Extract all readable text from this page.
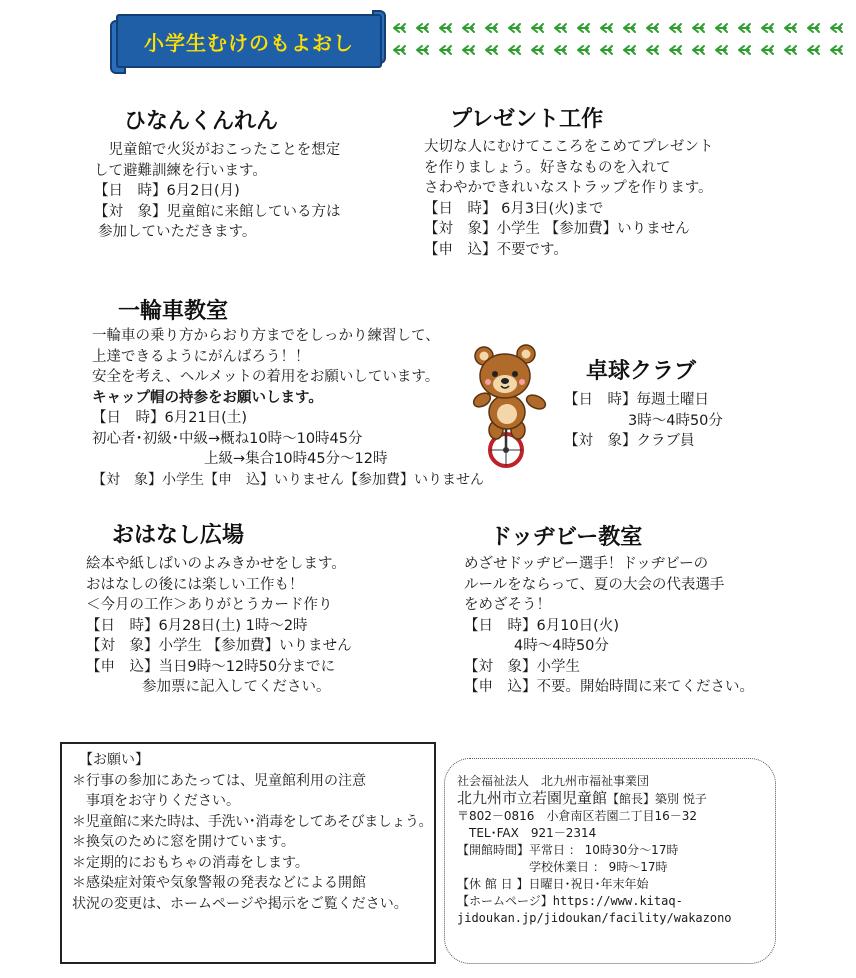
小学生むけのもよおし
ひなんくんれん
　児童館で火災がおこったことを想定
して避難訓練を行います。
【日　時】6月2日(月)
【対　象】児童館に来館している方は
参加していただきます。
プレゼント工作
大切な人にむけてこころをこめてプレゼント
を作りましょう。好きなものを入れて
さわやかできれいなストラップを作ります。
【日　時】 6月3日(火)まで
【対　象】小学生 【参加費】いりません
【申　込】不要です。
一輪車教室
一輪車の乗り方からおり方までをしっかり練習して、
上達できるようにがんばろう！！
安全を考え、ヘルメットの着用をお願いしています。
キャップ帽の持参をお願いします。
【日　時】6月21日(土)
初心者･初級･中級→概ね10時～10時45分
上級→集合10時45分～12時
【対　象】小学生【申　込】いりません【参加費】いりません
卓球クラブ
【日　時】毎週土曜日
3時～4時50分
【対　象】クラブ員
おはなし広場
絵本や紙しばいのよみきかせをします。
おはなしの後には楽しい工作も！
＜今月の工作＞ありがとうカード作り
【日　時】6月28日(土) 1時～2時
【対　象】小学生 【参加費】いりません
【申　込】当日9時～12時50分までに
参加票に記入してください。
ドッヂビー教室
めざせドッヂビー選手！ドッヂビーの
ルールをならって、夏の大会の代表選手
をめざそう！
【日　時】6月10日(火)
4時～4時50分
【対　象】小学生
【申　込】不要。開始時間に来てください。
　【お願い】
＊行事の参加にあたっては、児童館利用の注意
　事項をお守りください。
＊児童館に来た時は、手洗い･消毒をしてあそびましょう。
＊換気のために窓を開けています。
＊定期的におもちゃの消毒をします。
＊感染症対策や気象警報の発表などによる開館
状況の変更は、ホームページや掲示をご覧ください。
社会福祉法人　北九州市福祉事業団
北九州市立若園児童館【館長】築別 悦子
〒802－0816　小倉南区若園二丁目16－32
　TEL･FAX　921－2314
【開館時間】平常日 ： 10時30分～17時
学校休業日 ： 9時～17時
【休 館 日 】日曜日･祝日･年末年始
【ホームページ】https://www.kitaq-
jidoukan.jp/jidoukan/facility/wakazono
